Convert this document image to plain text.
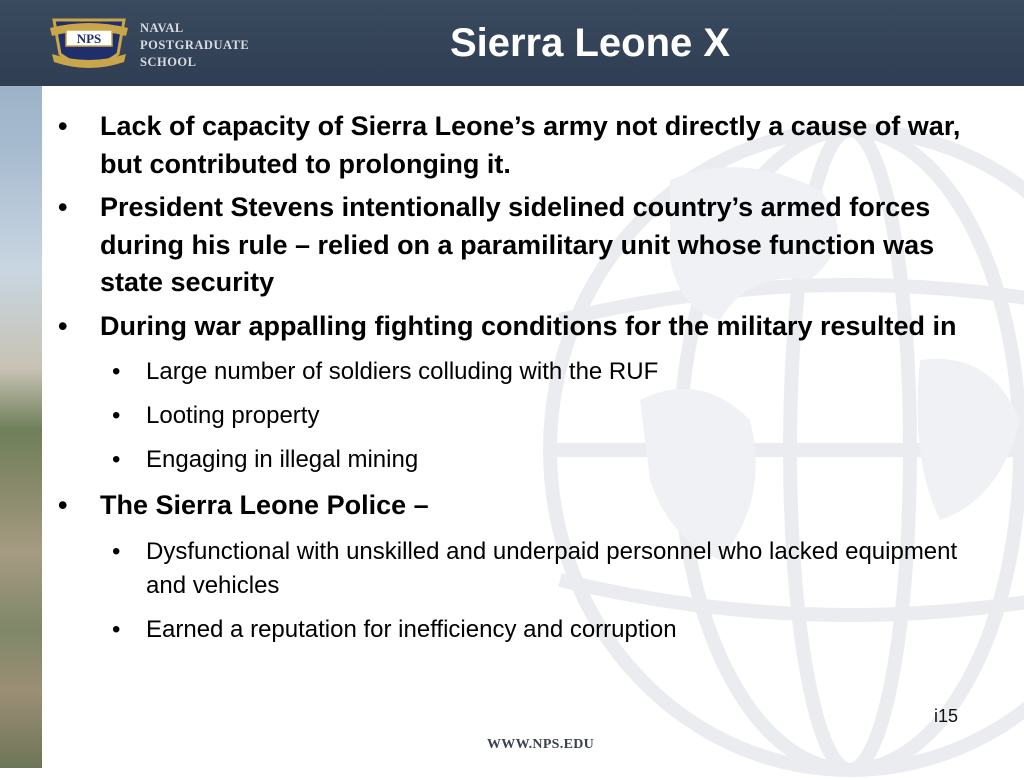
NPS
NAVAL
POSTGRADUATE
SCHOOL	Sierra Leone X
• Lack of capacity of Sierra Leone’s army not directly a cause of war, but contributed to prolonging it.
• President Stevens intentionally sidelined country’s armed forces during his rule – relied on a paramilitary unit whose function was state security
• During war appalling fighting conditions for the military resulted in
• Large number of soldiers colluding with the RUF
• Looting property
• Engaging in illegal mining
• The Sierra Leone Police –
• Dysfunctional with unskilled and underpaid personnel who lacked equipment and vehicles
• Earned a reputation for inefficiency and corruption
i15
WWW.NPS.EDU
